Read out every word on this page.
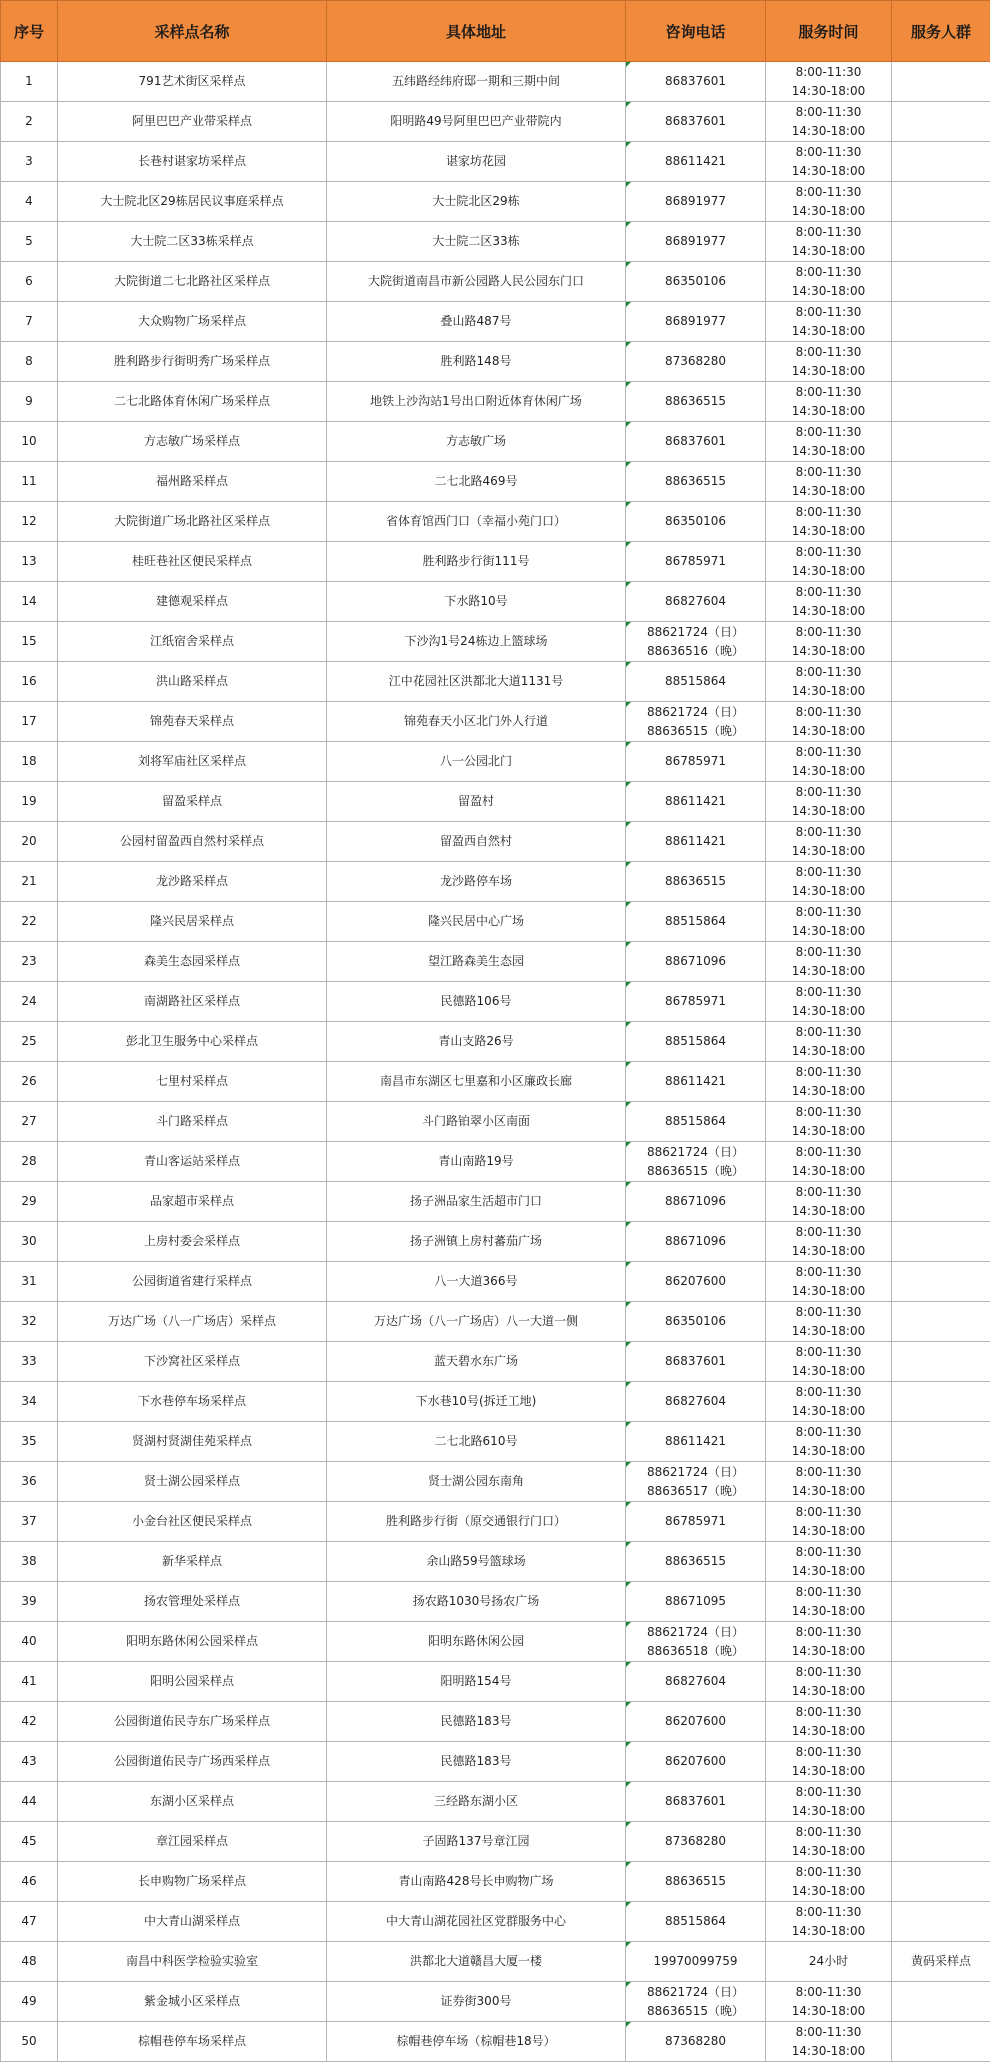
序号	采样点名称	具体地址	咨询电话	服务时间	服务人群

1	791艺术街区采样点	五纬路经纬府邸一期和三期中间	86837601	8:00-11:30
14:30-18:00	

2	阿里巴巴产业带采样点	阳明路49号阿里巴巴产业带院内	86837601	8:00-11:30
14:30-18:00	

3	长巷村谌家坊采样点	谌家坊花园	88611421	8:00-11:30
14:30-18:00	

4	大士院北区29栋居民议事庭采样点	大士院北区29栋	86891977	8:00-11:30
14:30-18:00	

5	大士院二区33栋采样点	大士院二区33栋	86891977	8:00-11:30
14:30-18:00	

6	大院街道二七北路社区采样点	大院街道南昌市新公园路人民公园东门口	86350106	8:00-11:30
14:30-18:00	

7	大众购物广场采样点	叠山路487号	86891977	8:00-11:30
14:30-18:00	

8	胜利路步行街明秀广场采样点	胜利路148号	87368280	8:00-11:30
14:30-18:00	

9	二七北路体育休闲广场采样点	地铁上沙沟站1号出口附近体育休闲广场	88636515	8:00-11:30
14:30-18:00	

10	方志敏广场采样点	方志敏广场	86837601	8:00-11:30
14:30-18:00	

11	福州路采样点	二七北路469号	88636515	8:00-11:30
14:30-18:00	

12	大院街道广场北路社区采样点	省体育馆西门口（幸福小苑门口）	86350106	8:00-11:30
14:30-18:00	

13	桂旺巷社区便民采样点	胜利路步行街111号	86785971	8:00-11:30
14:30-18:00	

14	建德观采样点	下水路10号	86827604	8:00-11:30
14:30-18:00	

15	江纸宿舍采样点	下沙沟1号24栋边上篮球场	88621724（日）
88636516（晚）	8:00-11:30
14:30-18:00	

16	洪山路采样点	江中花园社区洪都北大道1131号	88515864	8:00-11:30
14:30-18:00	

17	锦苑春天采样点	锦苑春天小区北门外人行道	88621724（日）
88636515（晚）	8:00-11:30
14:30-18:00	

18	刘将军庙社区采样点	八一公园北门	86785971	8:00-11:30
14:30-18:00	

19	留盈采样点	留盈村	88611421	8:00-11:30
14:30-18:00	

20	公园村留盈西自然村采样点	留盈西自然村	88611421	8:00-11:30
14:30-18:00	

21	龙沙路采样点	龙沙路停车场	88636515	8:00-11:30
14:30-18:00	

22	隆兴民居采样点	隆兴民居中心广场	88515864	8:00-11:30
14:30-18:00	

23	森美生态园采样点	望江路森美生态园	88671096	8:00-11:30
14:30-18:00	

24	南湖路社区采样点	民德路106号	86785971	8:00-11:30
14:30-18:00	

25	彭北卫生服务中心采样点	青山支路26号	88515864	8:00-11:30
14:30-18:00	

26	七里村采样点	南昌市东湖区七里嘉和小区廉政长廊	88611421	8:00-11:30
14:30-18:00	

27	斗门路采样点	斗门路铂翠小区南面	88515864	8:00-11:30
14:30-18:00	

28	青山客运站采样点	青山南路19号	88621724（日）
88636515（晚）	8:00-11:30
14:30-18:00	

29	品家超市采样点	扬子洲品家生活超市门口	88671096	8:00-11:30
14:30-18:00	

30	上房村委会采样点	扬子洲镇上房村蕃茄广场	88671096	8:00-11:30
14:30-18:00	

31	公园街道省建行采样点	八一大道366号	86207600	8:00-11:30
14:30-18:00	

32	万达广场（八一广场店）采样点	万达广场（八一广场店）八一大道一侧	86350106	8:00-11:30
14:30-18:00	

33	下沙窝社区采样点	蓝天碧水东广场	86837601	8:00-11:30
14:30-18:00	

34	下水巷停车场采样点	下水巷10号(拆迁工地)	86827604	8:00-11:30
14:30-18:00	

35	贤湖村贤湖佳苑采样点	二七北路610号	88611421	8:00-11:30
14:30-18:00	

36	贤士湖公园采样点	贤士湖公园东南角	88621724（日）
88636517（晚）	8:00-11:30
14:30-18:00	

37	小金台社区便民采样点	胜利路步行街（原交通银行门口）	86785971	8:00-11:30
14:30-18:00	

38	新华采样点	余山路59号篮球场	88636515	8:00-11:30
14:30-18:00	

39	扬农管理处采样点	扬农路1030号扬农广场	88671095	8:00-11:30
14:30-18:00	

40	阳明东路休闲公园采样点	阳明东路休闲公园	88621724（日）
88636518（晚）	8:00-11:30
14:30-18:00	

41	阳明公园采样点	阳明路154号	86827604	8:00-11:30
14:30-18:00	

42	公园街道佑民寺东广场采样点	民德路183号	86207600	8:00-11:30
14:30-18:00	

43	公园街道佑民寺广场西采样点	民德路183号	86207600	8:00-11:30
14:30-18:00	

44	东湖小区采样点	三经路东湖小区	86837601	8:00-11:30
14:30-18:00	

45	章江园采样点	子固路137号章江园	87368280	8:00-11:30
14:30-18:00	

46	长申购物广场采样点	青山南路428号长申购物广场	88636515	8:00-11:30
14:30-18:00	

47	中大青山湖采样点	中大青山湖花园社区党群服务中心	88515864	8:00-11:30
14:30-18:00	

48	南昌中科医学检验实验室	洪都北大道赣昌大厦一楼	19970099759	24小时	黄码采样点

49	紫金城小区采样点	证券街300号	88621724（日）
88636515（晚）	8:00-11:30
14:30-18:00	

50	棕帽巷停车场采样点	棕帽巷停车场（棕帽巷18号）	87368280	8:00-11:30
14:30-18:00	
